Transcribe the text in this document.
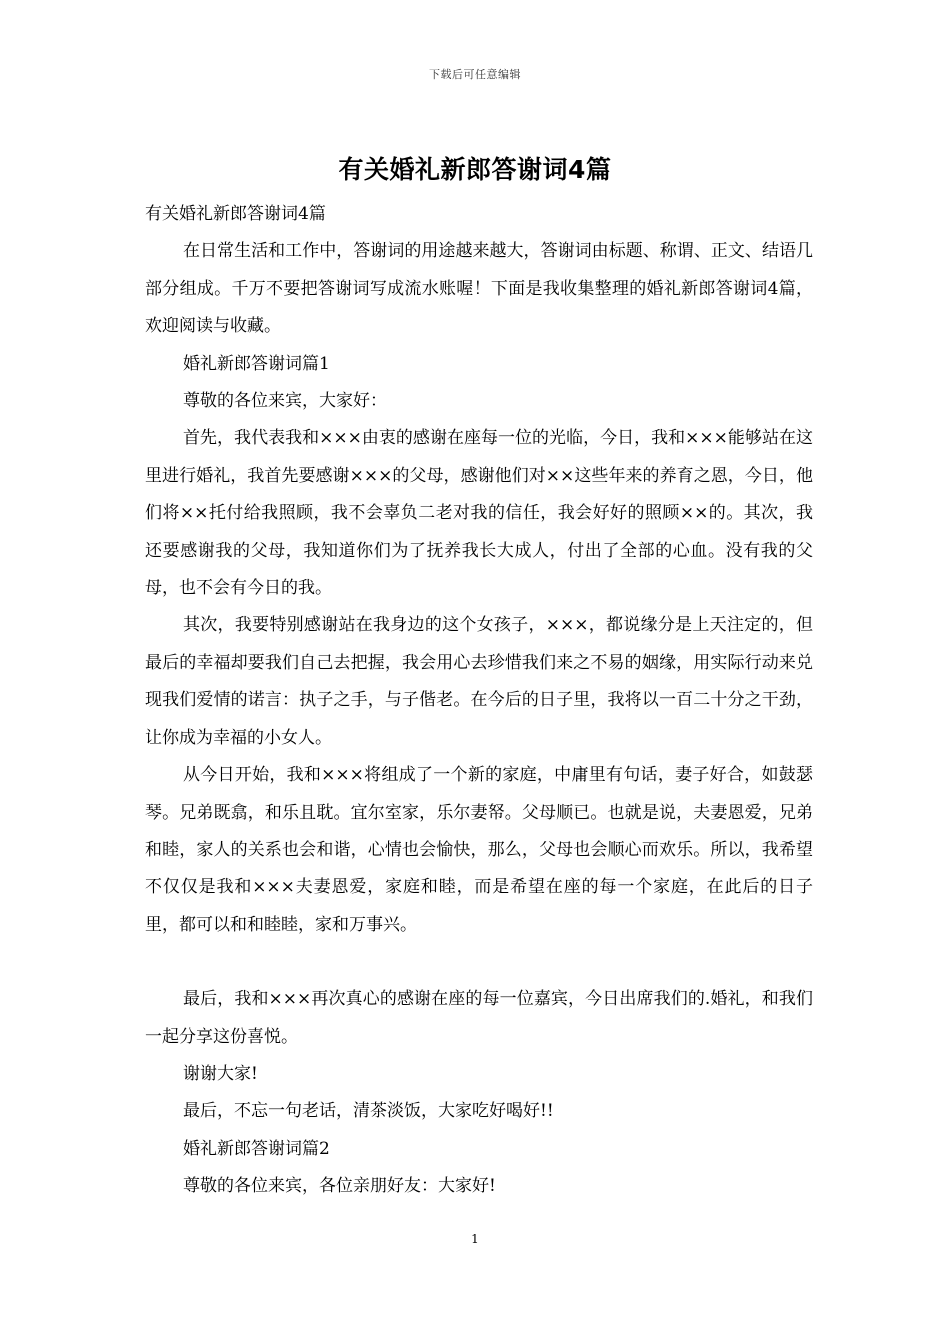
下载后可任意编辑
有关婚礼新郎答谢词4篇

有关婚礼新郎答谢词4篇

在日常生活和工作中，答谢词的用途越来越大，答谢词由标题、称谓、正文、结语几部分组成。千万不要把答谢词写成流水账喔！下面是我收集整理的婚礼新郎答谢词4篇，欢迎阅读与收藏。

婚礼新郎答谢词篇1

尊敬的各位来宾，大家好：

首先，我代表我和×××由衷的感谢在座每一位的光临，今日，我和×××能够站在这里进行婚礼，我首先要感谢×××的父母，感谢他们对××这些年来的养育之恩，今日，他们将××托付给我照顾，我不会辜负二老对我的信任，我会好好的照顾××的。其次，我还要感谢我的父母，我知道你们为了抚养我长大成人，付出了全部的心血。没有我的父母，也不会有今日的我。

其次，我要特别感谢站在我身边的这个女孩子，×××，都说缘分是上天注定的，但最后的幸福却要我们自己去把握，我会用心去珍惜我们来之不易的姻缘，用实际行动来兑现我们爱情的诺言：执子之手，与子偕老。在今后的日子里，我将以一百二十分之干劲，让你成为幸福的小女人。

从今日开始，我和×××将组成了一个新的家庭，中庸里有句话，妻子好合，如鼓瑟琴。兄弟既翕，和乐且耽。宜尔室家，乐尔妻帑。父母顺已。也就是说，夫妻恩爱，兄弟和睦，家人的关系也会和谐，心情也会愉快，那么，父母也会顺心而欢乐。所以，我希望不仅仅是我和×××夫妻恩爱，家庭和睦，而是希望在座的每一个家庭，在此后的日子里，都可以和和睦睦，家和万事兴。

最后，我和×××再次真心的感谢在座的每一位嘉宾，今日出席我们的.婚礼，和我们一起分享这份喜悦。

谢谢大家!

最后，不忘一句老话，清茶淡饭，大家吃好喝好!!

婚礼新郎答谢词篇2

尊敬的各位来宾，各位亲朋好友：大家好!

1
